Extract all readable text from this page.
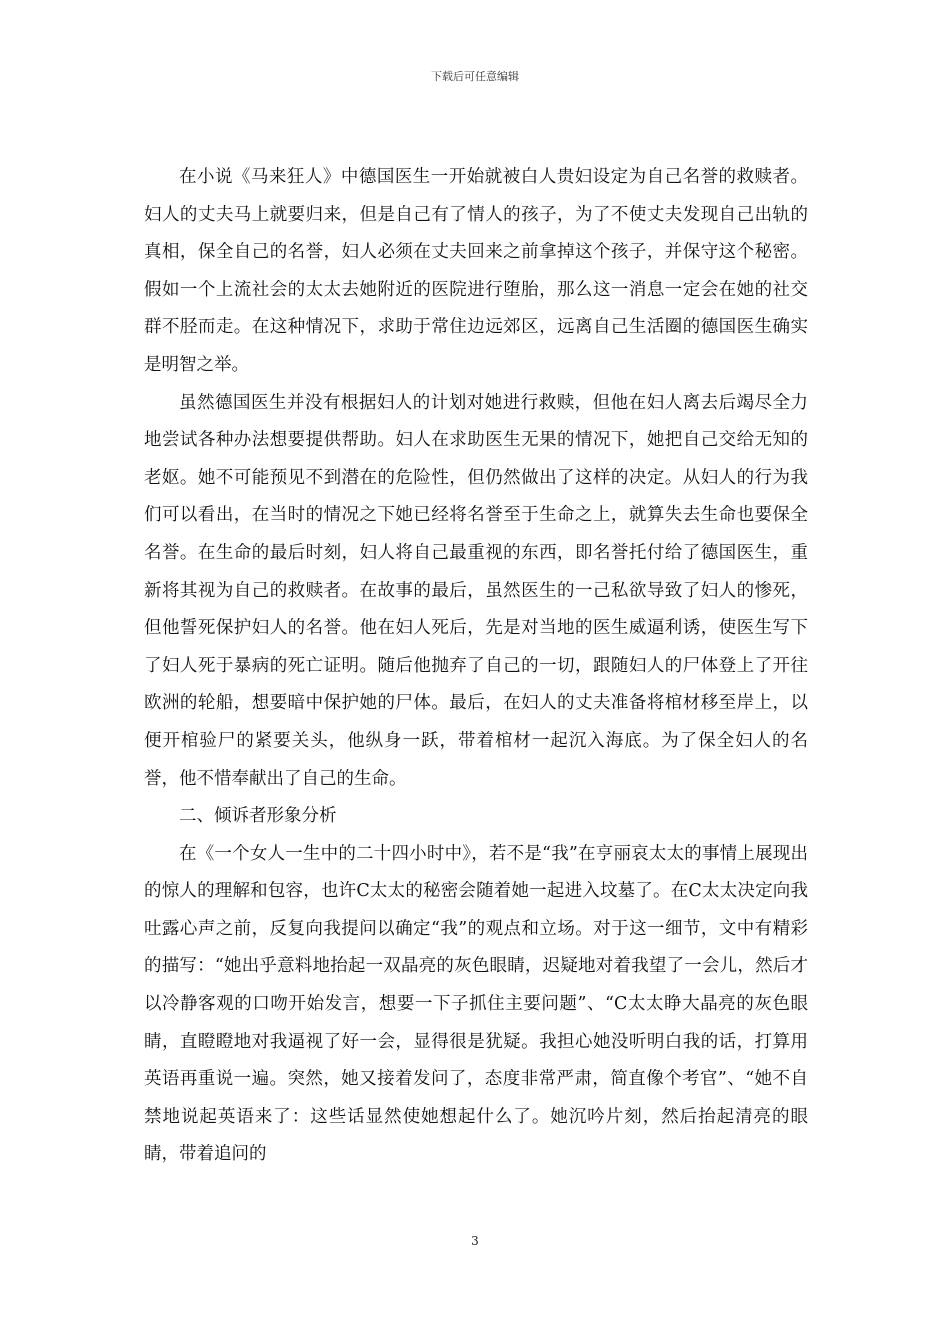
下载后可任意编辑

在小说《马来狂人》中德国医生一开始就被白人贵妇设定为自己名誉的救赎者。妇人的丈夫马上就要归来，但是自己有了情人的孩子，为了不使丈夫发现自己出轨的真相，保全自己的名誉，妇人必须在丈夫回来之前拿掉这个孩子，并保守这个秘密。假如一个上流社会的太太去她附近的医院进行堕胎，那么这一消息一定会在她的社交群不胫而走。在这种情况下，求助于常住边远郊区，远离自己生活圈的德国医生确实是明智之举。

虽然德国医生并没有根据妇人的计划对她进行救赎，但他在妇人离去后竭尽全力地尝试各种办法想要提供帮助。妇人在求助医生无果的情况下，她把自己交给无知的老妪。她不可能预见不到潜在的危险性，但仍然做出了这样的决定。从妇人的行为我们可以看出，在当时的情况之下她已经将名誉至于生命之上，就算失去生命也要保全名誉。在生命的最后时刻，妇人将自己最重视的东西，即名誉托付给了德国医生，重新将其视为自己的救赎者。在故事的最后，虽然医生的一己私欲导致了妇人的惨死，但他誓死保护妇人的名誉。他在妇人死后，先是对当地的医生威逼利诱，使医生写下了妇人死于暴病的死亡证明。随后他抛弃了自己的一切，跟随妇人的尸体登上了开往欧洲的轮船，想要暗中保护她的尸体。最后，在妇人的丈夫准备将棺材移至岸上，以便开棺验尸的紧要关头，他纵身一跃，带着棺材一起沉入海底。为了保全妇人的名誉，他不惜奉献出了自己的生命。

二、倾诉者形象分析

在《一个女人一生中的二十四小时中》，若不是“我”在亨丽哀太太的事情上展现出的惊人的理解和包容，也许C太太的秘密会随着她一起进入坟墓了。在C太太决定向我吐露心声之前，反复向我提问以确定“我”的观点和立场。对于这一细节，文中有精彩的描写：“她出乎意料地抬起一双晶亮的灰色眼睛，迟疑地对着我望了一会儿，然后才以冷静客观的口吻开始发言，想要一下子抓住主要问题”、“C太太睁大晶亮的灰色眼睛，直瞪瞪地对我逼视了好一会，显得很是犹疑。我担心她没听明白我的话，打算用英语再重说一遍。突然，她又接着发问了，态度非常严肃，简直像个考官”、“她不自禁地说起英语来了：这些话显然使她想起什么了。她沉吟片刻，然后抬起清亮的眼睛，带着追问的

3
